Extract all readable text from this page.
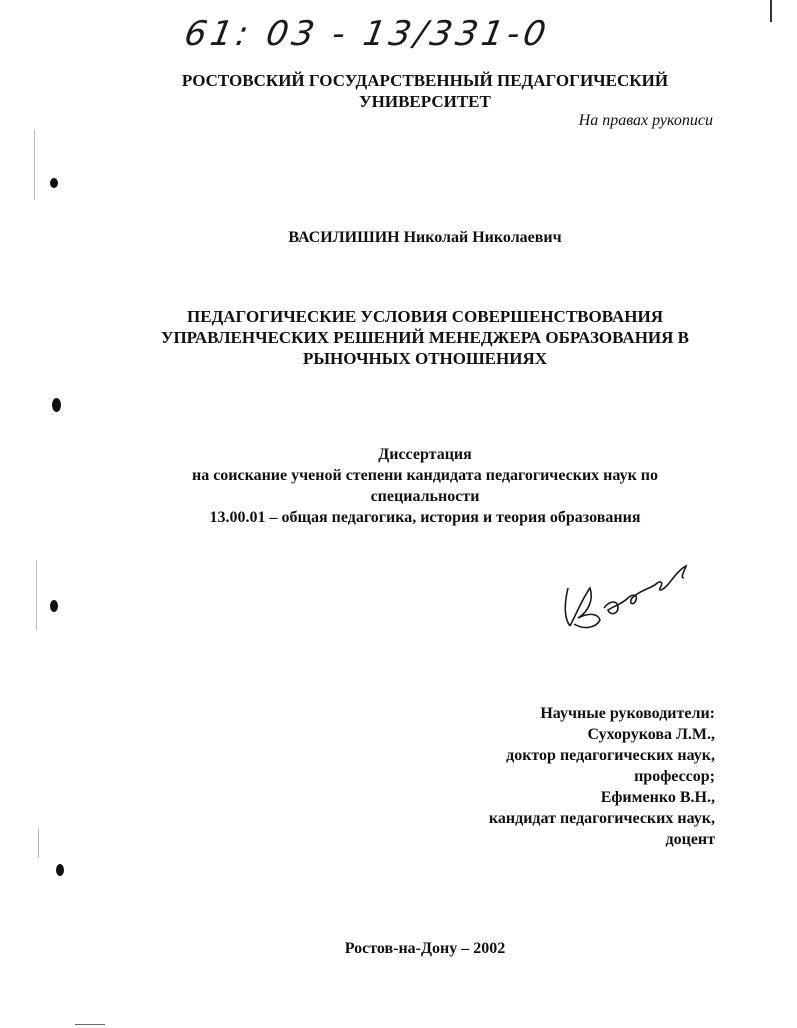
61: 03 - 13/331-0
РОСТОВСКИЙ ГОСУДАРСТВЕННЫЙ ПЕДАГОГИЧЕСКИЙ
УНИВЕРСИТЕТ
На правах рукописи
ВАСИЛИШИН Николай Николаевич
ПЕДАГОГИЧЕСКИЕ УСЛОВИЯ СОВЕРШЕНСТВОВАНИЯ
УПРАВЛЕНЧЕСКИХ РЕШЕНИЙ МЕНЕДЖЕРА ОБРАЗОВАНИЯ В
РЫНОЧНЫХ ОТНОШЕНИЯХ
Диссертация
на соискание ученой степени кандидата педагогических наук по
специальности
13.00.01 – общая педагогика, история и теория образования
Научные руководители:
Сухорукова Л.М.,
доктор педагогических наук,
профессор;
Ефименко В.Н.,
кандидат педагогических наук,
доцент
Ростов-на-Дону – 2002
